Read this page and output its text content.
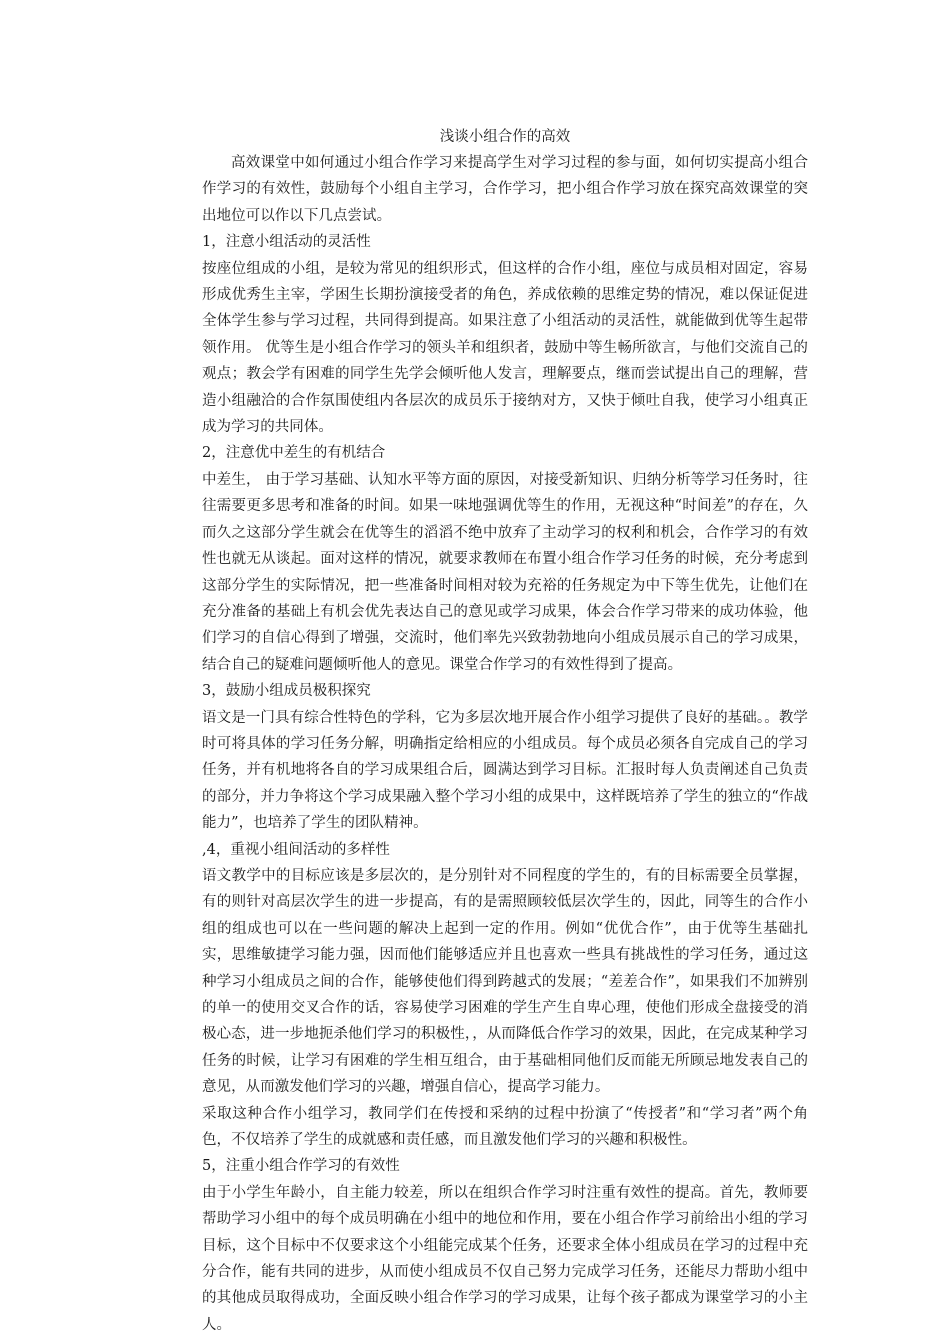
浅谈小组合作的高效

高效课堂中如何通过小组合作学习来提高学生对学习过程的参与面，如何切实提高小组合作学习的有效性，鼓励每个小组自主学习，合作学习，把小组合作学习放在探究高效课堂的突出地位可以作以下几点尝试。

1，注意小组活动的灵活性

按座位组成的小组，是较为常见的组织形式，但这样的合作小组，座位与成员相对固定，容易形成优秀生主宰，学困生长期扮演接受者的角色，养成依赖的思维定势的情况，难以保证促进全体学生参与学习过程，共同得到提高。如果注意了小组活动的灵活性，就能做到优等生起带领作用。 优等生是小组合作学习的领头羊和组织者，鼓励中等生畅所欲言，与他们交流自己的观点；教会学有困难的同学生先学会倾听他人发言，理解要点，继而尝试提出自己的理解，营造小组融洽的合作氛围使组内各层次的成员乐于接纳对方，又快于倾吐自我，使学习小组真正成为学习的共同体。

2，注意优中差生的有机结合

中差生， 由于学习基础、认知水平等方面的原因，对接受新知识、归纳分析等学习任务时，往往需要更多思考和准备的时间。如果一味地强调优等生的作用，无视这种“时间差”的存在，久而久之这部分学生就会在优等生的滔滔不绝中放弃了主动学习的权利和机会，合作学习的有效性也就无从谈起。面对这样的情况，就要求教师在布置小组合作学习任务的时候，充分考虑到这部分学生的实际情况，把一些准备时间相对较为充裕的任务规定为中下等生优先，让他们在充分准备的基础上有机会优先表达自己的意见或学习成果，体会合作学习带来的成功体验，他们学习的自信心得到了增强，交流时，他们率先兴致勃勃地向小组成员展示自己的学习成果，结合自己的疑难问题倾听他人的意见。课堂合作学习的有效性得到了提高。

3，鼓励小组成员极积探究

语文是一门具有综合性特色的学科，它为多层次地开展合作小组学习提供了良好的基础。。教学时可将具体的学习任务分解，明确指定给相应的小组成员。每个成员必须各自完成自己的学习任务，并有机地将各自的学习成果组合后，圆满达到学习目标。汇报时每人负责阐述自己负责的部分，并力争将这个学习成果融入整个学习小组的成果中，这样既培养了学生的独立的“作战能力”，也培养了学生的团队精神。

,4，重视小组间活动的多样性

语文教学中的目标应该是多层次的，是分别针对不同程度的学生的，有的目标需要全员掌握，有的则针对高层次学生的进一步提高，有的是需照顾较低层次学生的，因此，同等生的合作小组的组成也可以在一些问题的解决上起到一定的作用。例如“优优合作”，由于优等生基础扎实，思维敏捷学习能力强，因而他们能够适应并且也喜欢一些具有挑战性的学习任务，通过这种学习小组成员之间的合作，能够使他们得到跨越式的发展；“差差合作”，如果我们不加辨别的单一的使用交叉合作的话，容易使学习困难的学生产生自卑心理，使他们形成全盘接受的消极心态，进一步地扼杀他们学习的积极性，，从而降低合作学习的效果，因此，在完成某种学习任务的时候，让学习有困难的学生相互组合，由于基础相同他们反而能无所顾忌地发表自己的意见，从而激发他们学习的兴趣，增强自信心，提高学习能力。

采取这种合作小组学习，教同学们在传授和采纳的过程中扮演了“传授者”和“学习者”两个角色，不仅培养了学生的成就感和责任感，而且激发他们学习的兴趣和积极性。

5，注重小组合作学习的有效性

由于小学生年龄小，自主能力较差，所以在组织合作学习时注重有效性的提高。首先，教师要帮助学习小组中的每个成员明确在小组中的地位和作用，要在小组合作学习前给出小组的学习目标，这个目标中不仅要求这个小组能完成某个任务，还要求全体小组成员在学习的过程中充分合作，能有共同的进步，从而使小组成员不仅自己努力完成学习任务，还能尽力帮助小组中的其他成员取得成功，全面反映小组合作学习的学习成果，让每个孩子都成为课堂学习的小主人。
